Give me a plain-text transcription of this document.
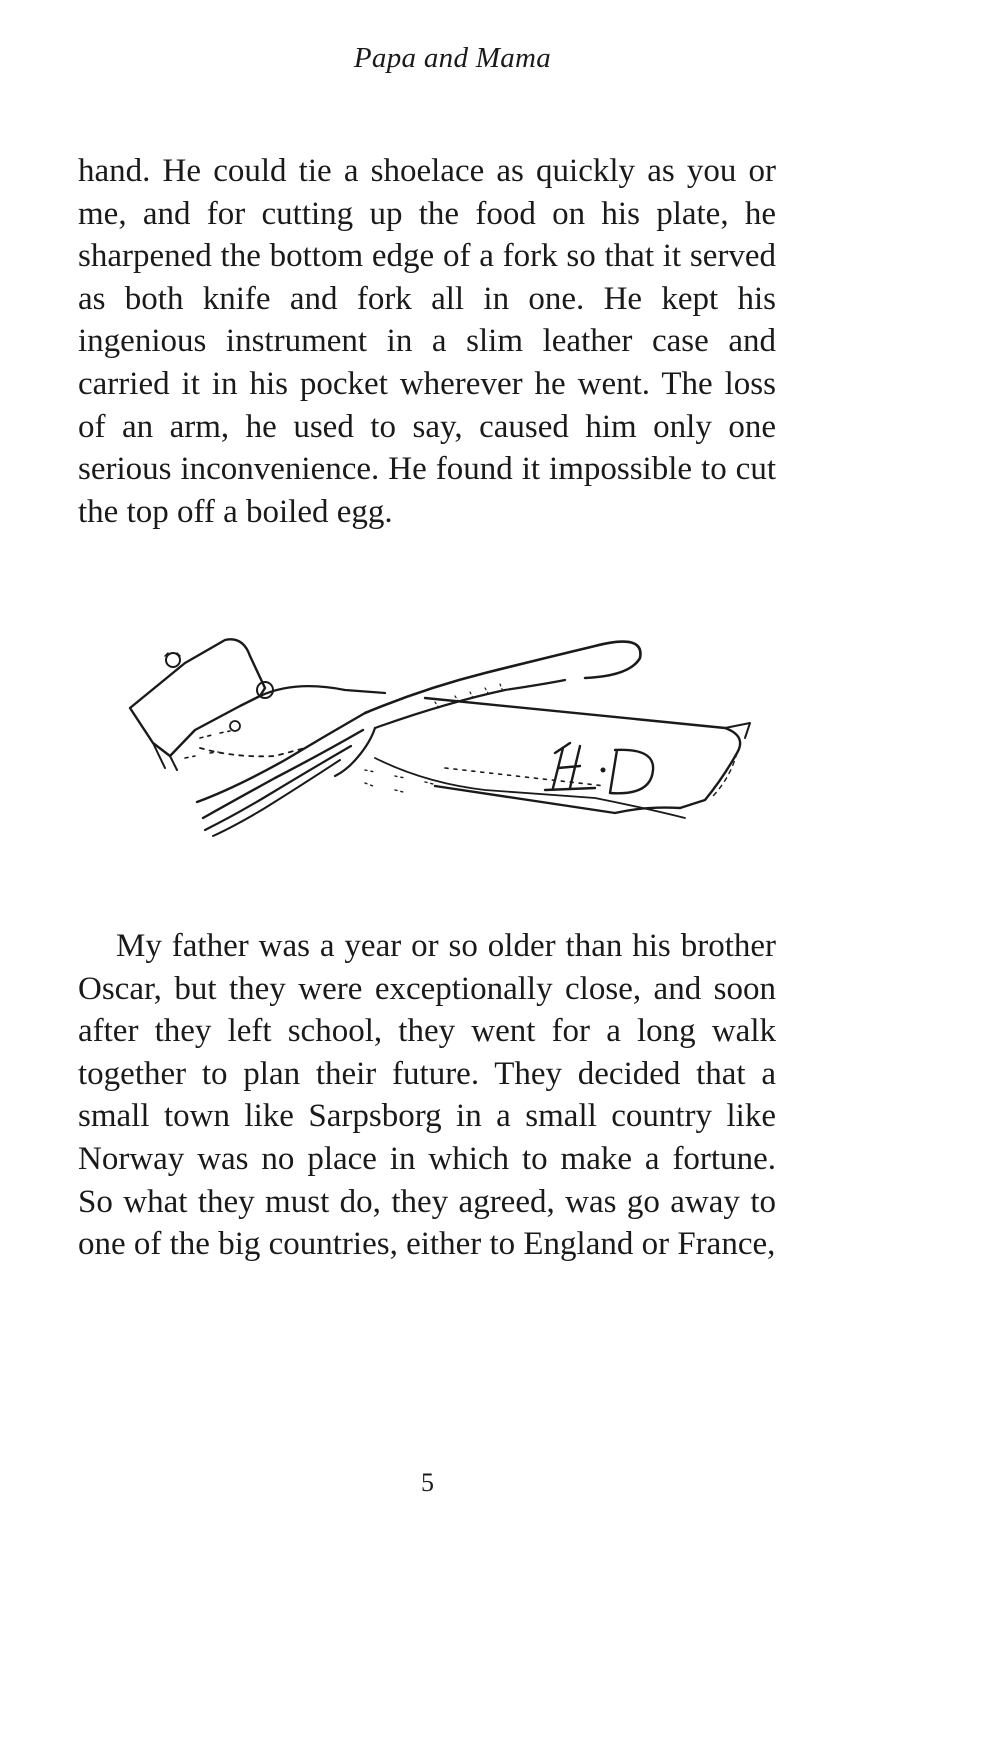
Papa and Mama

hand. He could tie a shoelace as quickly as you or me, and for cutting up the food on his plate, he sharpened the bottom edge of a fork so that it served as both knife and fork all in one. He kept his ingenious instrument in a slim leather case and carried it in his pocket wherever he went. The loss of an arm, he used to say, caused him only one serious inconvenience. He found it impossible to cut the top off a boiled egg.

My father was a year or so older than his brother Oscar, but they were exceptionally close, and soon after they left school, they went for a long walk together to plan their future. They decided that a small town like Sarpsborg in a small country like Norway was no place in which to make a fortune. So what they must do, they agreed, was go away to one of the big countries, either to England or France,

5
